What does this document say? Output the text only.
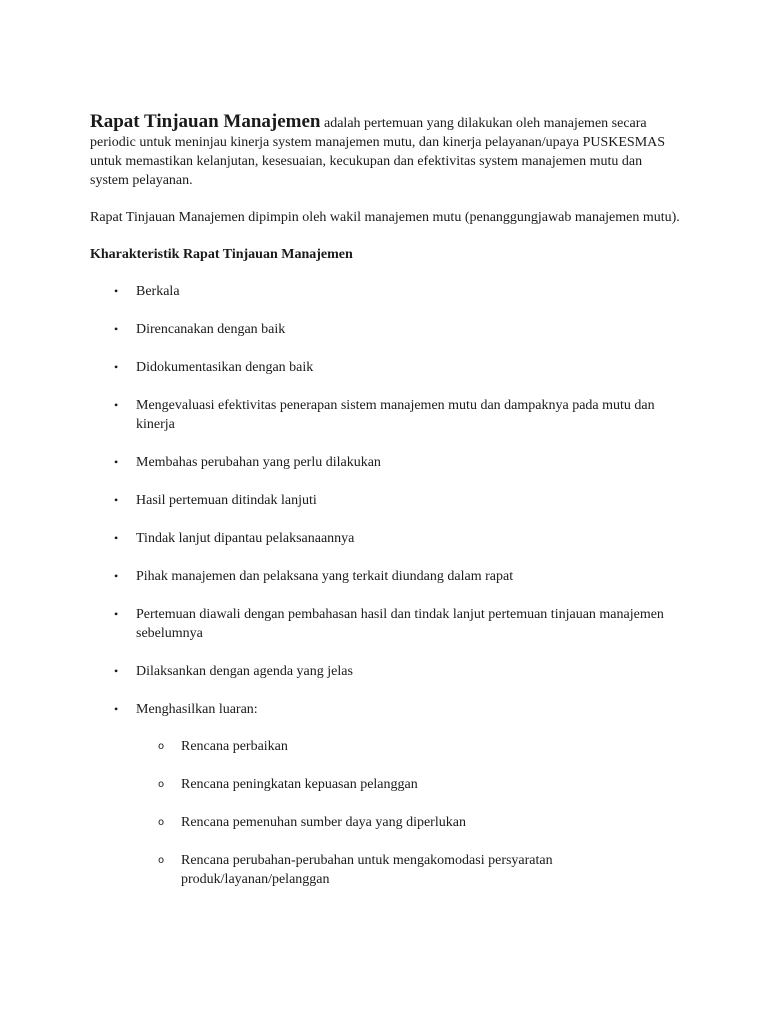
Rapat Tinjauan Manajemen adalah pertemuan yang dilakukan oleh manajemen secara periodic untuk meninjau kinerja system manajemen mutu, dan kinerja pelayanan/upaya PUSKESMAS untuk memastikan kelanjutan, kesesuaian, kecukupan dan efektivitas system manajemen mutu dan system pelayanan.

Rapat Tinjauan Manajemen dipimpin oleh wakil manajemen mutu (penanggungjawab manajemen mutu).

Kharakteristik Rapat Tinjauan Manajemen

• Berkala
• Direncanakan dengan baik
• Didokumentasikan dengan baik
• Mengevaluasi efektivitas penerapan sistem manajemen mutu dan dampaknya pada mutu dan kinerja
• Membahas perubahan yang perlu dilakukan
• Hasil pertemuan ditindak lanjuti
• Tindak lanjut dipantau pelaksanaannya
• Pihak manajemen dan pelaksana yang terkait diundang dalam rapat
• Pertemuan diawali dengan pembahasan hasil dan tindak lanjut pertemuan tinjauan manajemen sebelumnya
• Dilaksankan dengan agenda yang jelas
• Menghasilkan luaran:
o Rencana perbaikan
o Rencana peningkatan kepuasan pelanggan
o Rencana pemenuhan sumber daya yang diperlukan
o Rencana perubahan-perubahan untuk mengakomodasi persyaratan produk/layanan/pelanggan
